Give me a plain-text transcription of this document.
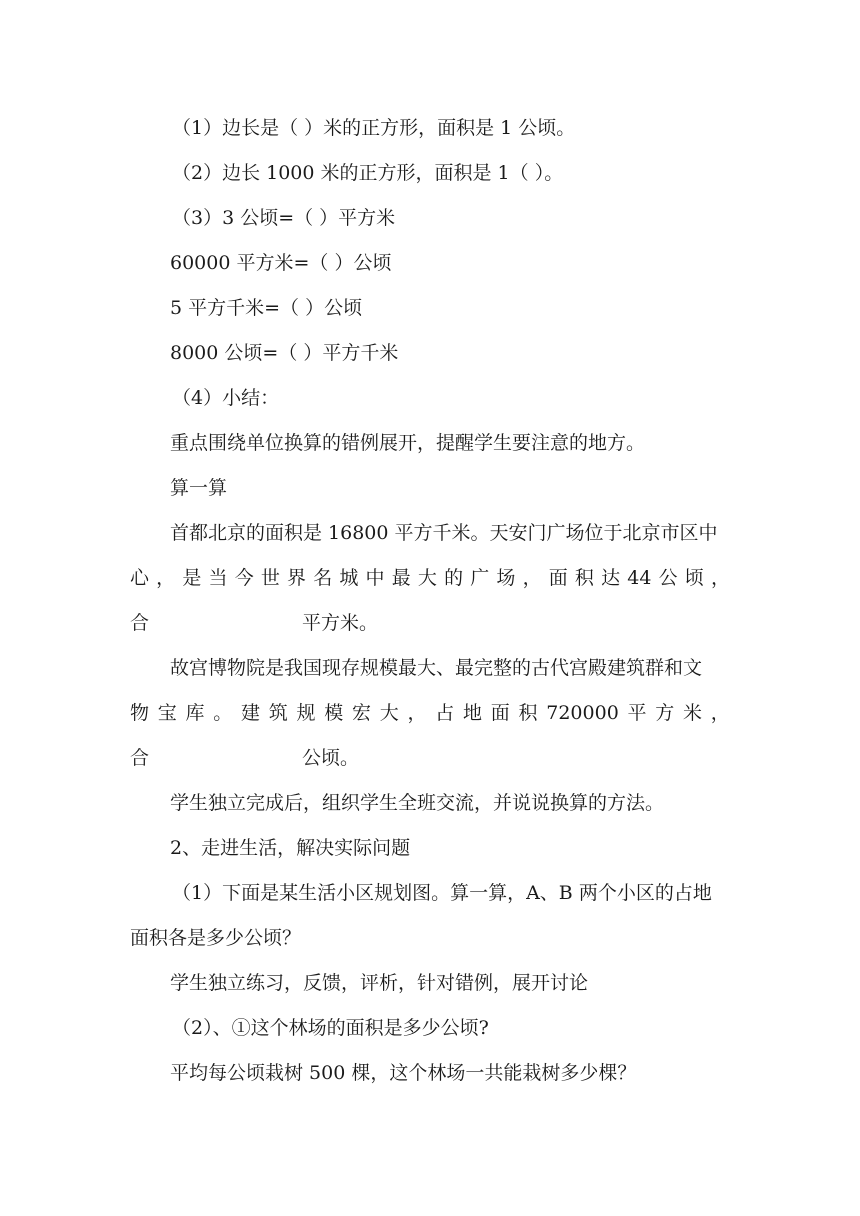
（1）边长是（ ）米的正方形，面积是 1 公顷。
（2）边长 1000 米的正方形，面积是 1（ ）。
（3）3 公顷=（ ）平方米
60000 平方米=（ ）公顷
5 平方千米=（ ）公顷
8000 公顷=（ ）平方千米
（4）小结：
重点围绕单位换算的错例展开，提醒学生要注意的地方。
算一算
首都北京的面积是 16800 平方千米。天安门广场位于北京市区中
心 ， 是 当 今 世 界 名 城 中 最 大 的 广 场 ， 面 积 达 44 公 顷 ，
合	平方米。
故宫博物院是我国现存规模最大、最完整的古代宫殿建筑群和文
物 宝 库 。 建 筑 规 模 宏 大 ， 占 地 面 积 720000 平 方 米 ，
合	公顷。
学生独立完成后，组织学生全班交流，并说说换算的方法。
2、走进生活，解决实际问题
（1）下面是某生活小区规划图。算一算，A、B 两个小区的占地
面积各是多少公顷？
学生独立练习，反馈，评析，针对错例，展开讨论
（2）、①这个林场的面积是多少公顷?
平均每公顷栽树 500 棵，这个林场一共能栽树多少棵？
